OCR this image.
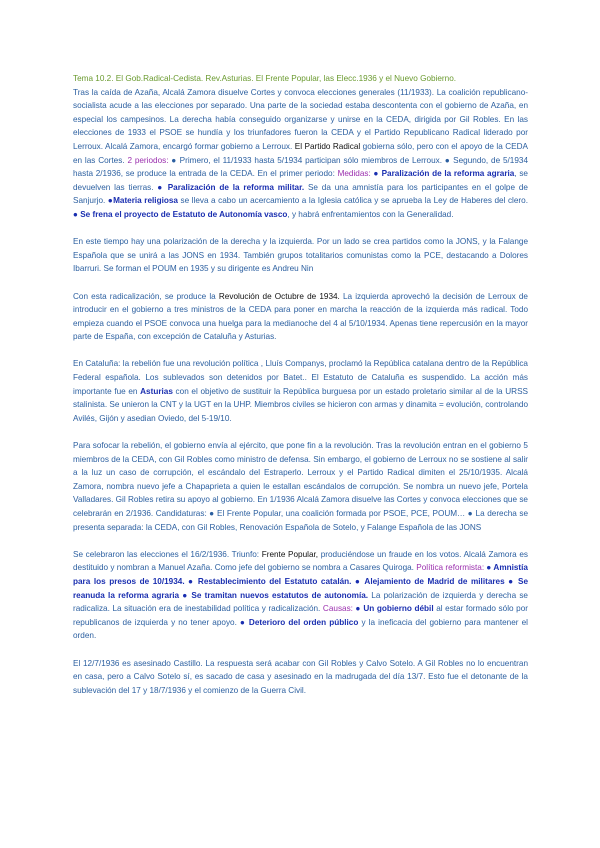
Tema 10.2. El Gob.Radical-Cedista. Rev.Asturias. El Frente Popular, las Elecc.1936 y el Nuevo Gobierno.
Tras la caída de Azaña, Alcalá Zamora disuelve Cortes y convoca elecciones generales (11/1933). La coalición republicano-socialista acude a las elecciones por separado. Una parte de la sociedad estaba descontenta con el gobierno de Azaña, en especial los campesinos. La derecha había conseguido organizarse y unirse en la CEDA, dirigida por Gil Robles. En las elecciones de 1933 el PSOE se hundía y los triunfadores fueron la CEDA y el Partido Republicano Radical liderado por Lerroux. Alcalá Zamora, encargó formar gobierno a Lerroux. El Partido Radical gobierna sólo, pero con el apoyo de la CEDA en las Cortes. 2 periodos: ● Primero, el 11/1933 hasta 5/1934 participan sólo miembros de Lerroux. ● Segundo, de 5/1934 hasta 2/1936, se produce la entrada de la CEDA. En el primer periodo: Medidas: ● Paralización de la reforma agraria, se devuelven las tierras. ● Paralización de la reforma militar. Se da una amnistía para los participantes en el golpe de Sanjurjo. ●Materia religiosa se lleva a cabo un acercamiento a la Iglesia católica y se aprueba la Ley de Haberes del clero. ● Se frena el proyecto de Estatuto de Autonomía vasco, y habrá enfrentamientos con la Generalidad.

En este tiempo hay una polarización de la derecha y la izquierda. Por un lado se crea partidos como la JONS, y la Falange Española que se unirá a las JONS en 1934. También grupos totalitarios comunistas como la PCE, destacando a Dolores Ibarruri. Se forman el POUM en 1935 y su dirigente es Andreu Nin

Con esta radicalización, se produce la Revolución de Octubre de 1934. La izquierda aprovechó la decisión de Lerroux de introducir en el gobierno a tres ministros de la CEDA para poner en marcha la reacción de la izquierda más radical. Todo empieza cuando el PSOE convoca una huelga para la medianoche del 4 al 5/10/1934. Apenas tiene repercusión en la mayor parte de España, con excepción de Cataluña y Asturias.

En Cataluña: la rebelión fue una revolución política , Lluís Companys, proclamó la República catalana dentro de la República Federal española. Los sublevados son detenidos por Batet.. El Estatuto de Cataluña es suspendido. La acción más importante fue en Asturias con el objetivo de sustituir la República burguesa por un estado proletario similar al de la URSS stalinista. Se unieron la CNT y la UGT en la UHP. Miembros civiles se hicieron con armas y dinamita = evolución, controlando Avilés, Gijón y asedian Oviedo, del 5-19/10.

Para sofocar la rebelión, el gobierno envía al ejército, que pone fin a la revolución. Tras la revolución entran en el gobierno 5 miembros de la CEDA, con Gil Robles como ministro de defensa. Sin embargo, el gobierno de Lerroux no se sostiene al salir a la luz un caso de corrupción, el escándalo del Estraperlo. Lerroux y el Partido Radical dimiten el 25/10/1935. Alcalá Zamora, nombra nuevo jefe a Chapaprieta a quien le estallan escándalos de corrupción. Se nombra un nuevo jefe, Portela Valladares. Gil Robles retira su apoyo al gobierno. En 1/1936 Alcalá Zamora disuelve las Cortes y convoca elecciones que se celebrarán en 2/1936. Candidaturas: ● El Frente Popular, una coalición formada por PSOE, PCE, POUM… ● La derecha se presenta separada: la CEDA, con Gil Robles, Renovación Española de Sotelo, y Falange Española de las JONS

Se celebraron las elecciones el 16/2/1936. Triunfo: Frente Popular, produciéndose un fraude en los votos. Alcalá Zamora es destituido y nombran a Manuel Azaña. Como jefe del gobierno se nombra a Casares Quiroga. Política reformista: ● Amnistía para los presos de 10/1934. ● Restablecimiento del Estatuto catalán. ● Alejamiento de Madrid de militares ● Se reanuda la reforma agraria ● Se tramitan nuevos estatutos de autonomía. La polarización de izquierda y derecha se radicaliza. La situación era de inestabilidad política y radicalización. Causas: ● Un gobierno débil al estar formado sólo por republicanos de izquierda y no tener apoyo. ● Deterioro del orden público y la ineficacia del gobierno para mantener el orden.

El 12/7/1936 es asesinado Castillo. La respuesta será acabar con Gil Robles y Calvo Sotelo. A Gil Robles no lo encuentran en casa, pero a Calvo Sotelo sí, es sacado de casa y asesinado en la madrugada del día 13/7. Esto fue el detonante de la sublevación del 17 y 18/7/1936 y el comienzo de la Guerra Civil.
